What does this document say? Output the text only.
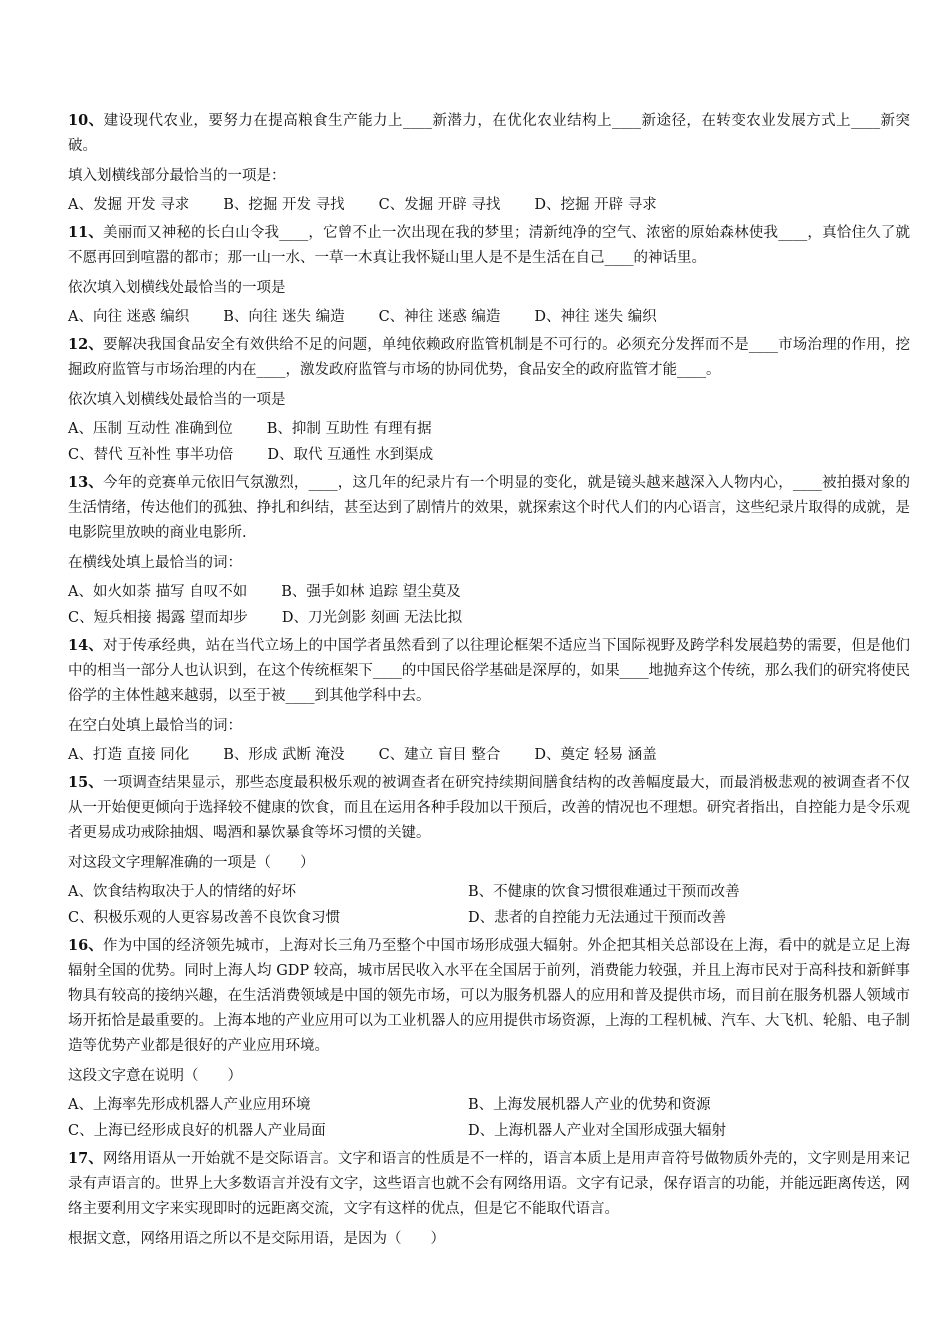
10、建设现代农业，要努力在提高粮食生产能力上____新潜力，在优化农业结构上____新途径，在转变农业发展方式上____新突破。

填入划横线部分最恰当的一项是：

A、发掘 开发 寻求 B、挖掘 开发 寻找 C、发掘 开辟 寻找 D、挖掘 开辟 寻求

11、美丽而又神秘的长白山令我____，它曾不止一次出现在我的梦里；清新纯净的空气、浓密的原始森林使我____，真恰住久了就不愿再回到喧嚣的都市；那一山一水、一草一木真让我怀疑山里人是不是生活在自己____的神话里。

依次填入划横线处最恰当的一项是

A、向往 迷惑 编织 B、向往 迷失 编造 C、神往 迷惑 编造 D、神往 迷失 编织

12、要解决我国食品安全有效供给不足的问题，单纯依赖政府监管机制是不可行的。必须充分发挥而不是____市场治理的作用，挖掘政府监管与市场治理的内在____，激发政府监管与市场的协同优势，食品安全的政府监管才能____。

依次填入划横线处最恰当的一项是

A、压制 互动性 准确到位 B、抑制 互助性 有理有据

C、替代 互补性 事半功倍 D、取代 互通性 水到渠成

13、今年的竞赛单元依旧气氛激烈，____，这几年的纪录片有一个明显的变化，就是镜头越来越深入人物内心，____被拍摄对象的生活情绪，传达他们的孤独、挣扎和纠结，甚至达到了剧情片的效果，就探索这个时代人们的内心语言，这些纪录片取得的成就，是电影院里放映的商业电影所.

在横线处填上最恰当的词：

A、如火如荼 描写 自叹不如 B、强手如林 追踪 望尘莫及

C、短兵相接 揭露 望而却步 D、刀光剑影 刻画 无法比拟

14、对于传承经典，站在当代立场上的中国学者虽然看到了以往理论框架不适应当下国际视野及跨学科发展趋势的需要，但是他们中的相当一部分人也认识到，在这个传统框架下____的中国民俗学基础是深厚的，如果____地抛弃这个传统，那么我们的研究将使民俗学的主体性越来越弱，以至于被____到其他学科中去。

在空白处填上最恰当的词：

A、打造 直接 同化 B、形成 武断 淹没 C、建立 盲目 整合 D、奠定 轻易 涵盖

15、一项调查结果显示，那些态度最积极乐观的被调查者在研究持续期间膳食结构的改善幅度最大，而最消极悲观的被调查者不仅从一开始便更倾向于选择较不健康的饮食，而且在运用各种手段加以干预后，改善的情况也不理想。研究者指出，自控能力是令乐观者更易成功戒除抽烟、喝酒和暴饮暴食等坏习惯的关键。

对这段文字理解准确的一项是（　　）

A、饮食结构取决于人的情绪的好坏	B、不健康的饮食习惯很难通过干预而改善
C、积极乐观的人更容易改善不良饮食习惯	D、悲者的自控能力无法通过干预而改善

16、作为中国的经济领先城市，上海对长三角乃至整个中国市场形成强大辐射。外企把其相关总部设在上海，看中的就是立足上海辐射全国的优势。同时上海人均 GDP 较高，城市居民收入水平在全国居于前列，消费能力较强，并且上海市民对于高科技和新鲜事物具有较高的接纳兴趣，在生活消费领域是中国的领先市场，可以为服务机器人的应用和普及提供市场，而目前在服务机器人领域市场开拓恰是最重要的。上海本地的产业应用可以为工业机器人的应用提供市场资源，上海的工程机械、汽车、大飞机、轮船、电子制造等优势产业都是很好的产业应用环境。

这段文字意在说明（　　）

A、上海率先形成机器人产业应用环境	B、上海发展机器人产业的优势和资源
C、上海已经形成良好的机器人产业局面	D、上海机器人产业对全国形成强大辐射

17、网络用语从一开始就不是交际语言。文字和语言的性质是不一样的，语言本质上是用声音符号做物质外壳的，文字则是用来记录有声语言的。世界上大多数语言并没有文字，这些语言也就不会有网络用语。文字有记录，保存语言的功能，并能远距离传送，网络主要利用文字来实现即时的远距离交流，文字有这样的优点，但是它不能取代语言。

根据文意，网络用语之所以不是交际用语，是因为（　　）
